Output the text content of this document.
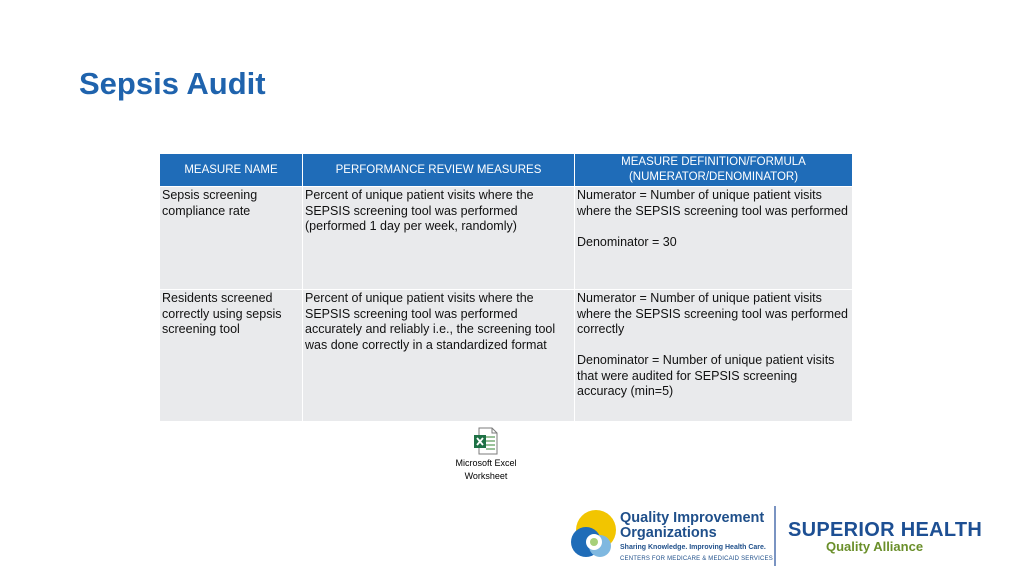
Sepsis Audit
MEASURE NAME	PERFORMANCE REVIEW MEASURES	MEASURE DEFINITION/FORMULA
(NUMERATOR/DENOMINATOR)
Sepsis screening compliance rate	Percent of unique patient visits where the SEPSIS screening tool was performed (performed 1 day per week, randomly)	Numerator = Number of unique patient visits where the SEPSIS screening tool was performed

Denominator = 30
Residents screened correctly using sepsis screening tool	Percent of unique patient visits where the SEPSIS screening tool was performed accurately and reliably i.e., the screening tool was done correctly in a standardized format	Numerator = Number of unique patient visits where the SEPSIS screening tool was performed correctly

Denominator = Number of unique patient visits that were audited for SEPSIS screening accuracy (min=5)
Microsoft Excel
Worksheet
Quality Improvement
Organizations
Sharing Knowledge. Improving Health Care.
CENTERS FOR MEDICARE & MEDICAID SERVICES
SUPERIOR HEALTH
Quality Alliance
